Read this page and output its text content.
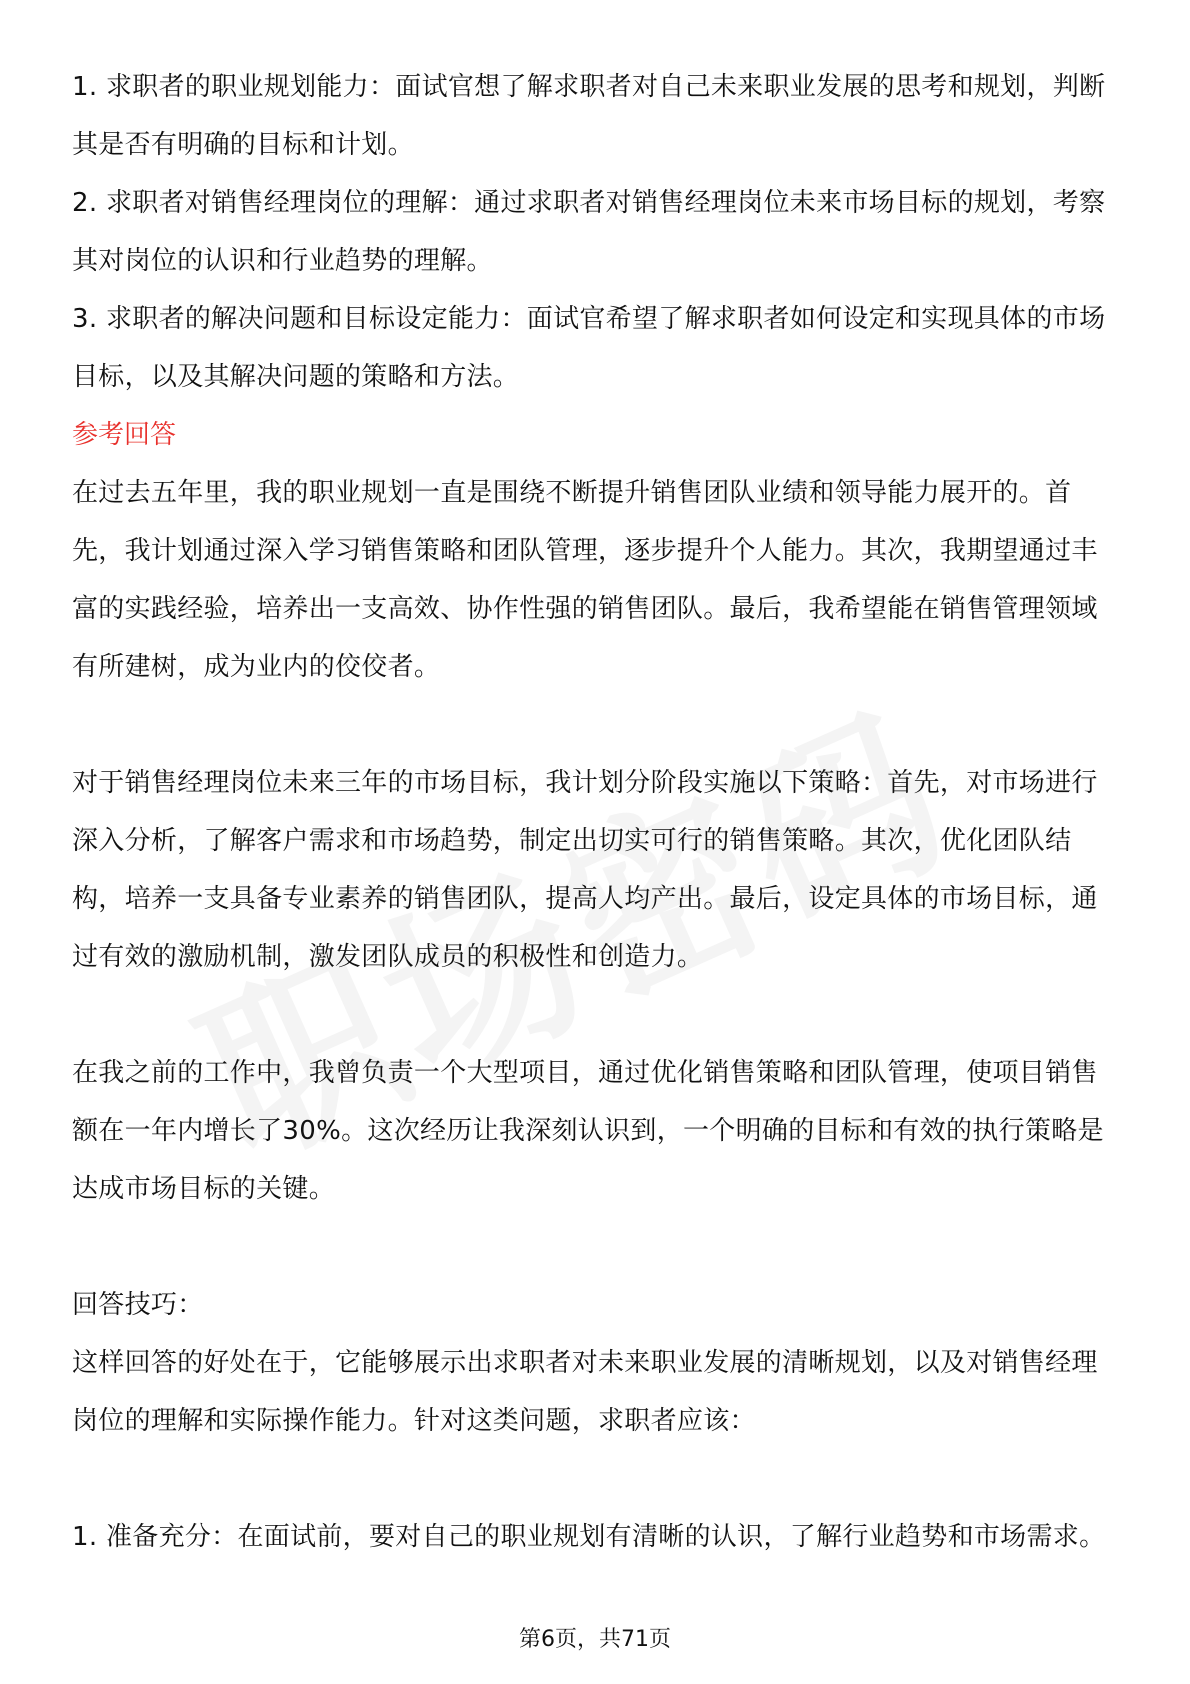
1. 求职者的职业规划能力：面试官想了解求职者对自己未来职业发展的思考和规划，判断其是否有明确的目标和计划。

2. 求职者对销售经理岗位的理解：通过求职者对销售经理岗位未来市场目标的规划，考察其对岗位的认识和行业趋势的理解。

3. 求职者的解决问题和目标设定能力：面试官希望了解求职者如何设定和实现具体的市场目标，以及其解决问题的策略和方法。

参考回答

在过去五年里，我的职业规划一直是围绕不断提升销售团队业绩和领导能力展开的。首先，我计划通过深入学习销售策略和团队管理，逐步提升个人能力。其次，我期望通过丰富的实践经验，培养出一支高效、协作性强的销售团队。最后，我希望能在销售管理领域有所建树，成为业内的佼佼者。

对于销售经理岗位未来三年的市场目标，我计划分阶段实施以下策略：首先，对市场进行深入分析，了解客户需求和市场趋势，制定出切实可行的销售策略。其次，优化团队结构，培养一支具备专业素养的销售团队，提高人均产出。最后，设定具体的市场目标，通过有效的激励机制，激发团队成员的积极性和创造力。

在我之前的工作中，我曾负责一个大型项目，通过优化销售策略和团队管理，使项目销售额在一年内增长了30%。这次经历让我深刻认识到，一个明确的目标和有效的执行策略是达成市场目标的关键。

回答技巧：

这样回答的好处在于，它能够展示出求职者对未来职业发展的清晰规划，以及对销售经理岗位的理解和实际操作能力。针对这类问题，求职者应该：

1. 准备充分：在面试前，要对自己的职业规划有清晰的认识，了解行业趋势和市场需求。

第6页，共71页
